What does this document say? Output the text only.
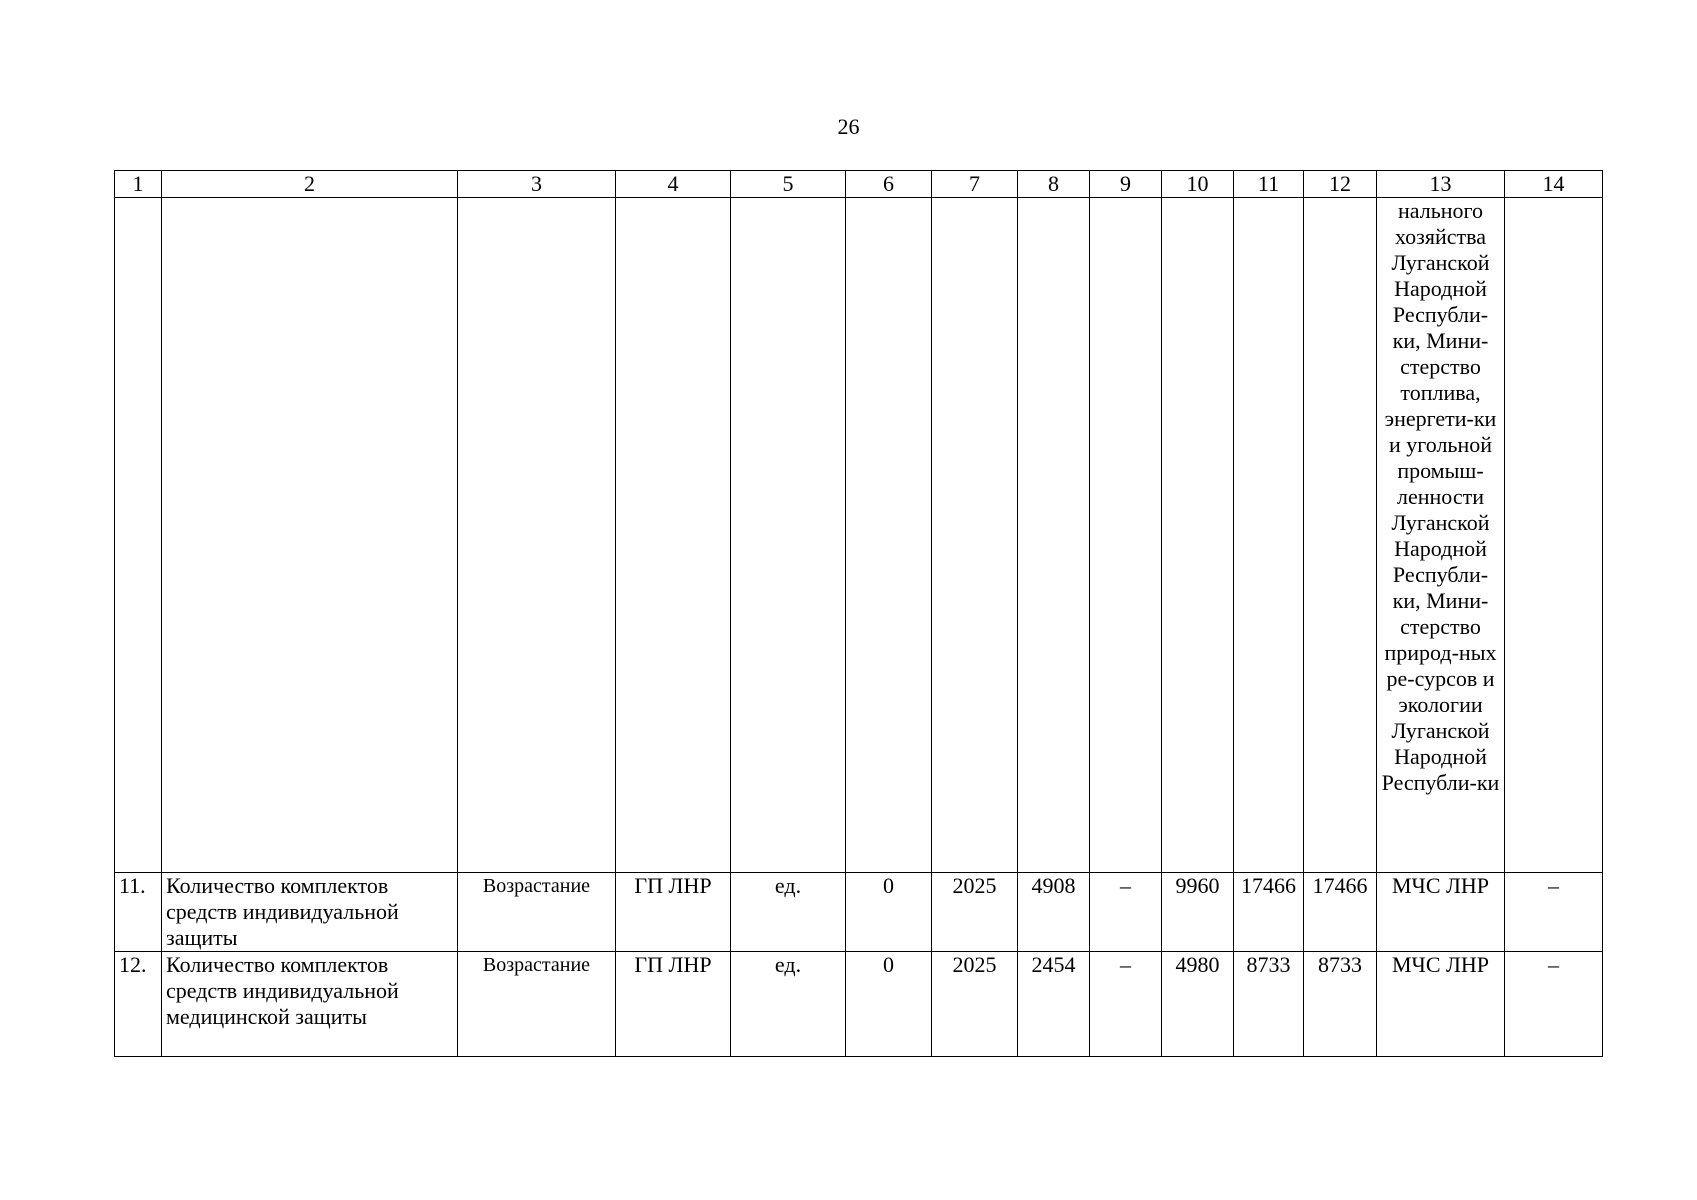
26
1	2	3	4	5	6	7	8	9	10	11	12	13	14
												нального хозяйства Луганской Народной Республи-ки, Мини-стерство топлива, энергети-ки и угольной промыш-ленности Луганской Народной Республи-ки, Мини-стерство природ-ных ре-сурсов и экологии Луганской Народной Республи-ки	
11.	Количество комплектов средств индивидуальной защиты	Возрастание	ГП ЛНР	ед.	0	2025	4908	–	9960	17466	17466	МЧС ЛНР	–
12.	Количество комплектов средств индивидуальной медицинской защиты	Возрастание	ГП ЛНР	ед.	0	2025	2454	–	4980	8733	8733	МЧС ЛНР	–
